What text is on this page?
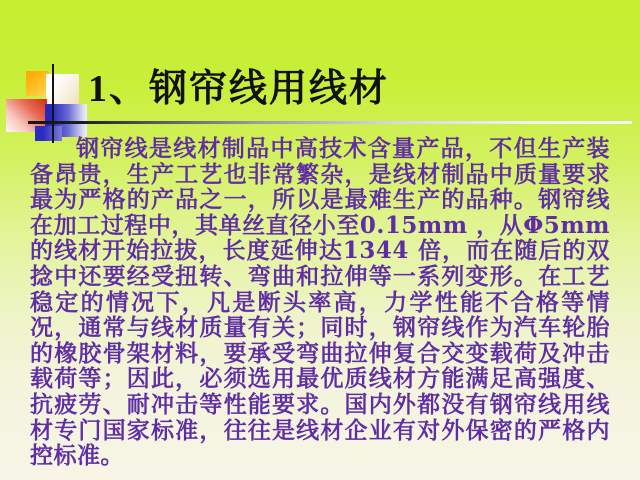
1、钢帘线用线材
钢帘线是线材制品中高技术含量产品，不但生产装备昂贵，生产工艺也非常繁杂，是线材制品中质量要求最为严格的产品之一，所以是最难生产的品种。钢帘线在加工过程中，其单丝直径小至0.15mm ，从Φ5mm 的线材开始拉拔，长度延伸达1344 倍，而在随后的双捻中还要经受扭转、弯曲和拉伸等一系列变形。在工艺稳定的情况下，凡是断头率高，力学性能不合格等情况，通常与线材质量有关；同时，钢帘线作为汽车轮胎的橡胶骨架材料，要承受弯曲拉伸复合交变载荷及冲击载荷等；因此，必须选用最优质线材方能满足高强度、抗疲劳、耐冲击等性能要求。国内外都没有钢帘线用线材专门国家标准，往往是线材企业有对外保密的严格内控标准。
